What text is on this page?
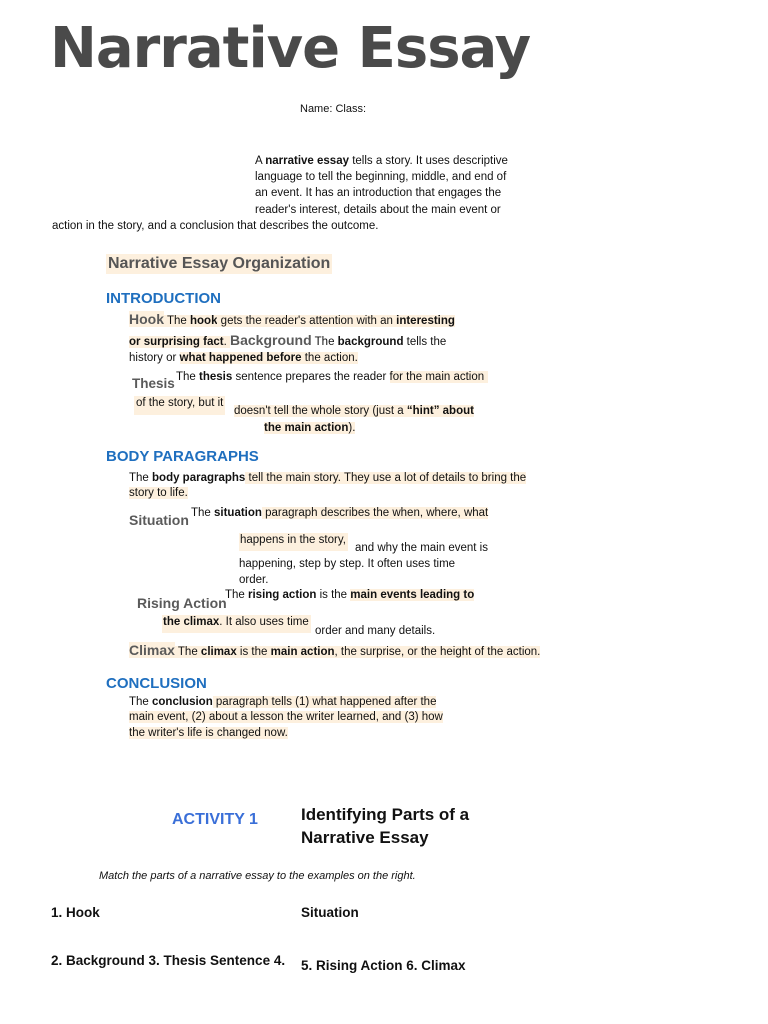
Narrative Essay
Name: Class:
A narrative essay tells a story. It uses descriptive
language to tell the beginning, middle, and end of
an event. It has an introduction that engages the
reader's interest, details about the main event or
action in the story, and a conclusion that describes the outcome.
Narrative Essay Organization
INTRODUCTION
Hook The hook gets the reader's attention with an interesting
or surprising fact. Background The background tells the
history or what happened before the action.
Thesis The thesis sentence prepares the reader for the main action
of the story, but it
doesn't tell the whole story (just a “hint” about
the main action).
BODY PARAGRAPHS
The body paragraphs tell the main story. They use a lot of details to bring the
story to life.
Situation The situation paragraph describes the when, where, what
happens in the story,
and why the main event is
happening, step by step. It often uses time
order.
Rising Action
The rising action is the main events leading to
the climax. It also uses time
order and many details.
Climax The climax is the main action, the surprise, or the height of the action.
CONCLUSION
The conclusion paragraph tells (1) what happened after the
main event, (2) about a lesson the writer learned, and (3) how
the writer's life is changed now.
ACTIVITY 1	Identifying Parts of a
Narrative Essay
Match the parts of a narrative essay to the examples on the right.
1. Hook	Situation
2. Background 3. Thesis Sentence 4. 5. Rising Action 6. Climax
